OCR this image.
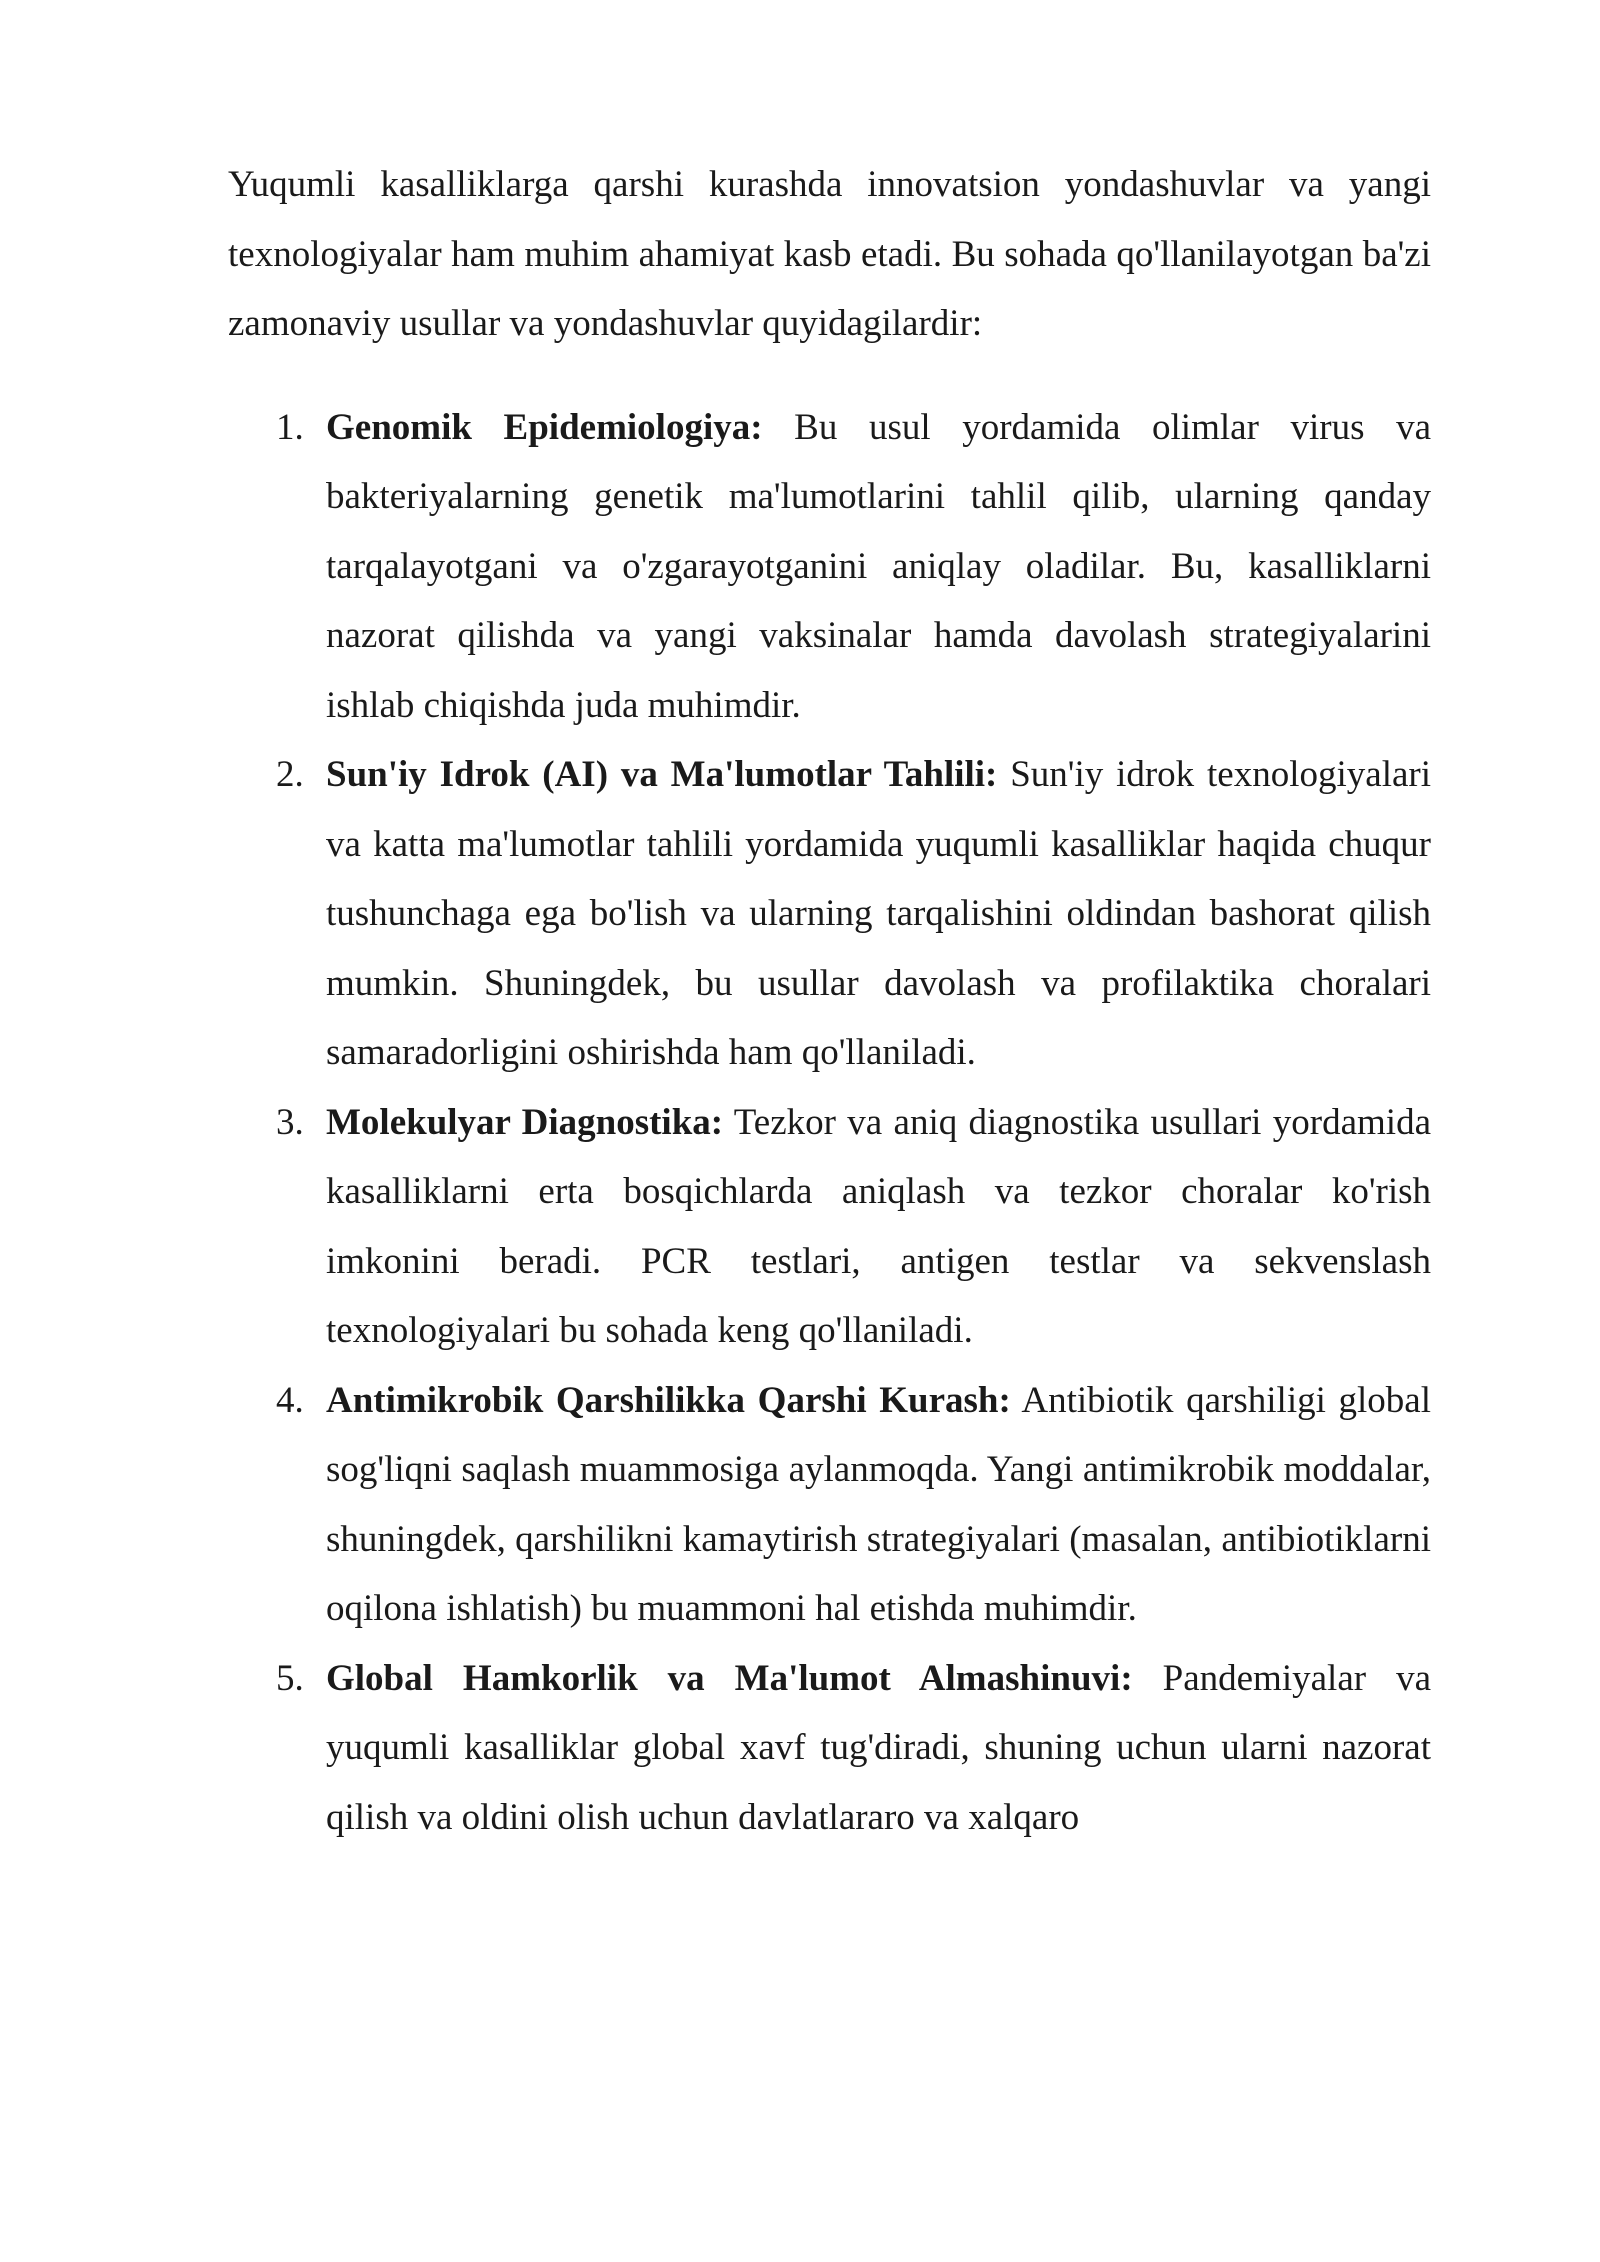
Yuqumli kasalliklarga qarshi kurashda innovatsion yondashuvlar va yangi texnologiyalar ham muhim ahamiyat kasb etadi. Bu sohada qo'llanilayotgan ba'zi zamonaviy usullar va yondashuvlar quyidagilardir:

1. Genomik Epidemiologiya: Bu usul yordamida olimlar virus va bakteriyalarning genetik ma'lumotlarini tahlil qilib, ularning qanday tarqalayotgani va o'zgarayotganini aniqlay oladilar. Bu, kasalliklarni nazorat qilishda va yangi vaksinalar hamda davolash strategiyalarini ishlab chiqishda juda muhimdir.
2. Sun'iy Idrok (AI) va Ma'lumotlar Tahlili: Sun'iy idrok texnologiyalari va katta ma'lumotlar tahlili yordamida yuqumli kasalliklar haqida chuqur tushunchaga ega bo'lish va ularning tarqalishini oldindan bashorat qilish mumkin. Shuningdek, bu usullar davolash va profilaktika choralari samaradorligini oshirishda ham qo'llaniladi.
3. Molekulyar Diagnostika: Tezkor va aniq diagnostika usullari yordamida kasalliklarni erta bosqichlarda aniqlash va tezkor choralar ko'rish imkonini beradi. PCR testlari, antigen testlar va sekvenslash texnologiyalari bu sohada keng qo'llaniladi.
4. Antimikrobik Qarshilikka Qarshi Kurash: Antibiotik qarshiligi global sog'liqni saqlash muammosiga aylanmoqda. Yangi antimikrobik moddalar, shuningdek, qarshilikni kamaytirish strategiyalari (masalan, antibiotiklarni oqilona ishlatish) bu muammoni hal etishda muhimdir.
5. Global Hamkorlik va Ma'lumot Almashinuvi: Pandemiyalar va yuqumli kasalliklar global xavf tug'diradi, shuning uchun ularni nazorat qilish va oldini olish uchun davlatlararo va xalqaro
